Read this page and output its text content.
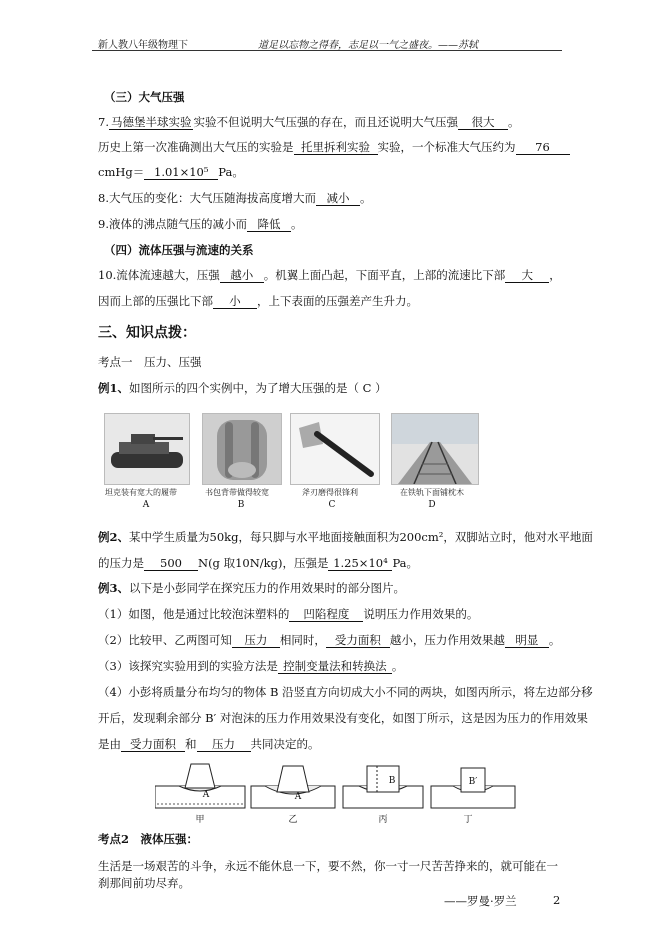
新人教八年级物理下	道足以忘物之得春，志足以一气之盛夜。——苏轼
（三）大气压强
7. 马德堡半球实验 实验不但说明大气压强的存在，而且还说明大气压强 很大 。
历史上第一次准确测出大气压的实验是 托里拆利实验 实验，一个标准大气压约为 76
cmHg＝ 1.01×10⁵ Pa。
8.大气压的变化：大气压随海拔高度增大而 减小 。
9.液体的沸点随气压的减小而 降低 。
（四）流体压强与流速的关系
10.流体流速越大，压强 越小 。机翼上面凸起，下面平直，上部的流速比下部 大 ，
因而上部的压强比下部 小 ，上下表面的压强差产生升力。
三、知识点拨：
考点一　压力、压强
例1、如图所示的四个实例中，为了增大压强的是（ C ）
坦克装有宽大的履带
A
书包背带做得较宽
B
斧刃磨得很锋利
C
在铁轨下面铺枕木
D
例2、某中学生质量为50kg，每只脚与水平地面接触面积为200cm²，双脚站立时，他对水平地面
的压力是 500 N(g 取10N/kg)，压强是 1.25×10⁴ Pa。
例3、以下是小彭同学在探究压力的作用效果时的部分图片。
（1）如图，他是通过比较泡沫塑料的 凹陷程度 说明压力作用效果的。
（2）比较甲、乙两图可知 压力 相同时， 受力面积 越小，压力作用效果越 明显 。
（3）该探究实验用到的实验方法是 控制变量法和转换法 。
（4）小彭将质量分布均匀的物体 B 沿竖直方向切成大小不同的两块，如图丙所示，将左边部分移
开后，发现剩余部分 B′ 对泡沫的压力作用效果没有变化，如图丁所示，这是因为压力的作用效果
是由 受力面积 和 压力 共同决定的。
A	A
B	B′
甲	乙	丙	丁
考点2　液体压强：
生活是一场艰苦的斗争，永远不能休息一下，要不然，你一寸一尺苦苦挣来的，就可能在一
刹那间前功尽弃。
——罗曼·罗兰	2
